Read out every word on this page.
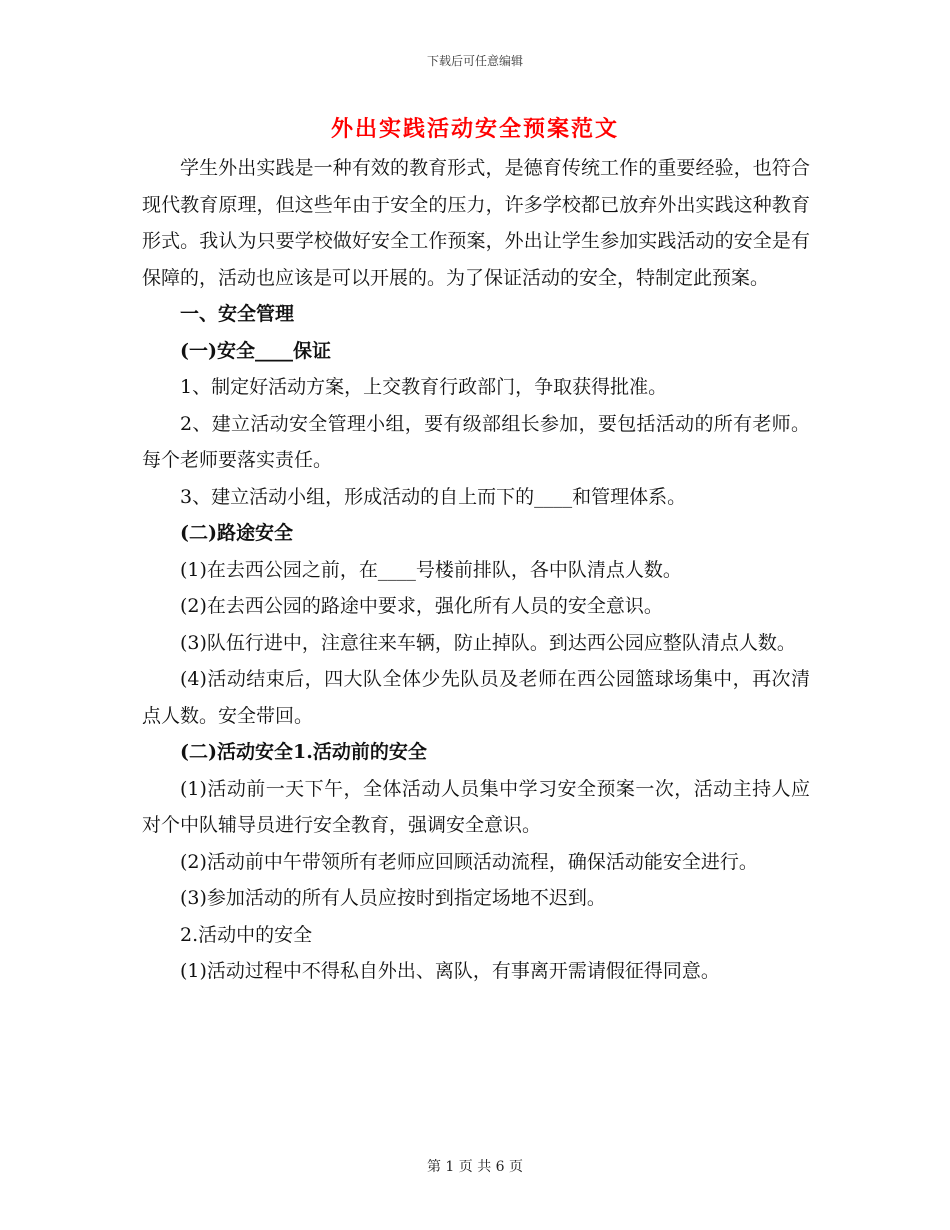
下载后可任意编辑
外出实践活动安全预案范文

学生外出实践是一种有效的教育形式，是德育传统工作的重要经验，也符合现代教育原理，但这些年由于安全的压力，许多学校都已放弃外出实践这种教育形式。我认为只要学校做好安全工作预案，外出让学生参加实践活动的安全是有保障的，活动也应该是可以开展的。为了保证活动的安全，特制定此预案。

一、安全管理

(一)安全____保证

1、制定好活动方案，上交教育行政部门，争取获得批准。

2、建立活动安全管理小组，要有级部组长参加，要包括活动的所有老师。每个老师要落实责任。

3、建立活动小组，形成活动的自上而下的____和管理体系。

(二)路途安全

(1)在去西公园之前，在____号楼前排队，各中队清点人数。

(2)在去西公园的路途中要求，强化所有人员的安全意识。

(3)队伍行进中，注意往来车辆，防止掉队。到达西公园应整队清点人数。

(4)活动结束后，四大队全体少先队员及老师在西公园篮球场集中，再次清点人数。安全带回。

(二)活动安全1.活动前的安全

(1)活动前一天下午，全体活动人员集中学习安全预案一次，活动主持人应对个中队辅导员进行安全教育，强调安全意识。

(2)活动前中午带领所有老师应回顾活动流程，确保活动能安全进行。

(3)参加活动的所有人员应按时到指定场地不迟到。

2.活动中的安全

(1)活动过程中不得私自外出、离队，有事离开需请假征得同意。

第 1 页 共 6 页
